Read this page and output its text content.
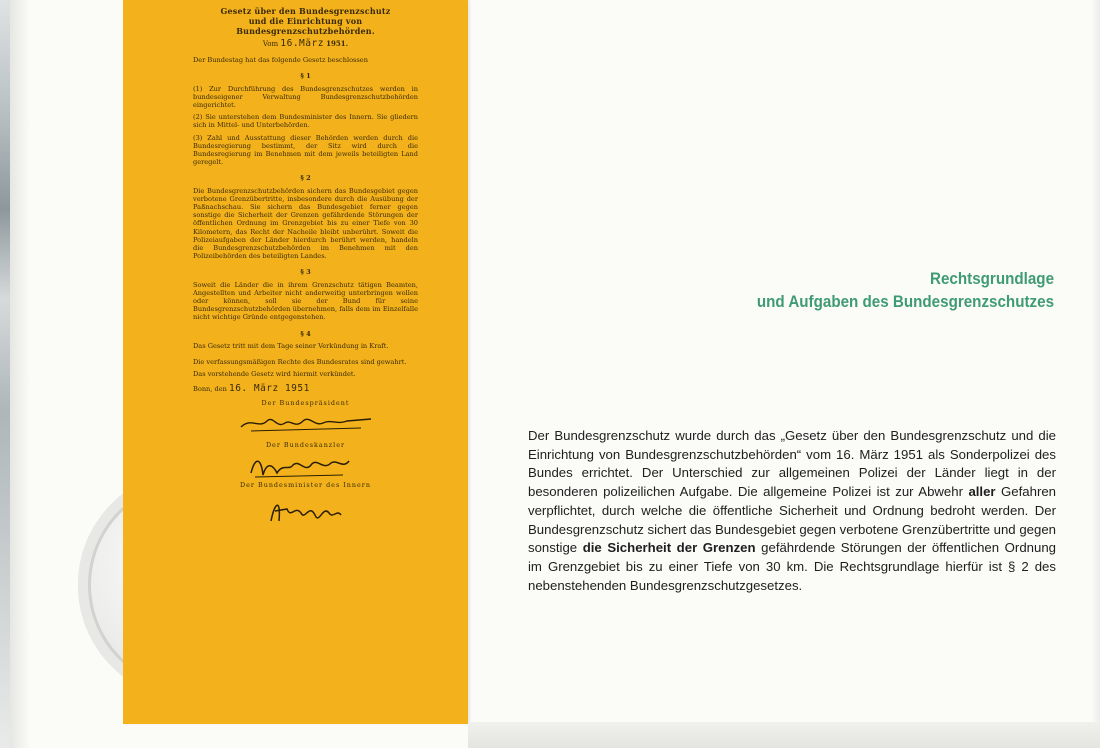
Gesetz über den Bundesgrenzschutz

und die Einrichtung von Bundesgrenzschutzbehörden.

Vom 16.März 1951.

Der Bundestag hat das folgende Gesetz beschlossen

§ 1

(1) Zur Durchführung des Bundesgrenzschutzes werden in bundeseigener Verwaltung Bundesgrenzschutzbehörden eingerichtet.

(2) Sie unterstehen dem Bundesminister des Innern. Sie gliedern sich in Mittel- und Unterbehörden.

(3) Zahl und Ausstattung dieser Behörden werden durch die Bundesregierung bestimmt, der Sitz wird durch die Bundesregierung im Benehmen mit dem jeweils beteiligten Land geregelt.

§ 2

Die Bundesgrenzschutzbehörden sichern das Bundesgebiet gegen verbotene Grenzübertritte, insbesondere durch die Ausübung der Paßnachschau. Sie sichern das Bundesgebiet ferner gegen sonstige die Sicherheit der Grenzen gefährdende Störungen der öffentlichen Ordnung im Grenzgebiet bis zu einer Tiefe von 30 Kilometern, das Recht der Nacheile bleibt unberührt. Soweit die Polizeiaufgaben der Länder hierdurch berührt werden, handeln die Bundesgrenzschutzbehörden im Benehmen mit den Polizeibehörden des beteiligten Landes.

§ 3

Soweit die Länder die in ihrem Grenzschutz tätigen Beamten, Angestellten und Arbeiter nicht anderweitig unterbringen wollen oder können, soll sie der Bund für seine Bundesgrenzschutzbehörden übernehmen, falls dem im Einzelfalle nicht wichtige Gründe entgegenstehen.

§ 4

Das Gesetz tritt mit dem Tage seiner Verkündung in Kraft.

Die verfassungsmäßigen Rechte des Bundesrates sind gewahrt.

Das vorstehende Gesetz wird hiermit verkündet.

Bonn, den 16. März 1951
Der Bundespräsident
Der Bundeskanzler
Der Bundesminister des Innern
Rechtsgrundlage
und Aufgaben des Bundesgrenzschutzes
Der Bundesgrenzschutz wurde durch das „Gesetz über den Bundesgrenzschutz und die Einrichtung von Bundesgrenzschutzbehörden“ vom 16. März 1951 als Sonderpolizei des Bundes errichtet. Der Unterschied zur allgemeinen Polizei der Länder liegt in der besonderen polizeilichen Aufgabe. Die allgemeine Polizei ist zur Abwehr aller Gefahren verpflichtet, durch welche die öffentliche Sicherheit und Ordnung bedroht werden. Der Bundesgrenzschutz sichert das Bundesgebiet gegen verbotene Grenzübertritte und gegen sonstige die Sicherheit der Grenzen gefährdende Störungen der öffentlichen Ordnung im Grenzgebiet bis zu einer Tiefe von 30 km. Die Rechtsgrundlage hierfür ist § 2 des nebenstehenden Bundesgrenzschutzgesetzes.
